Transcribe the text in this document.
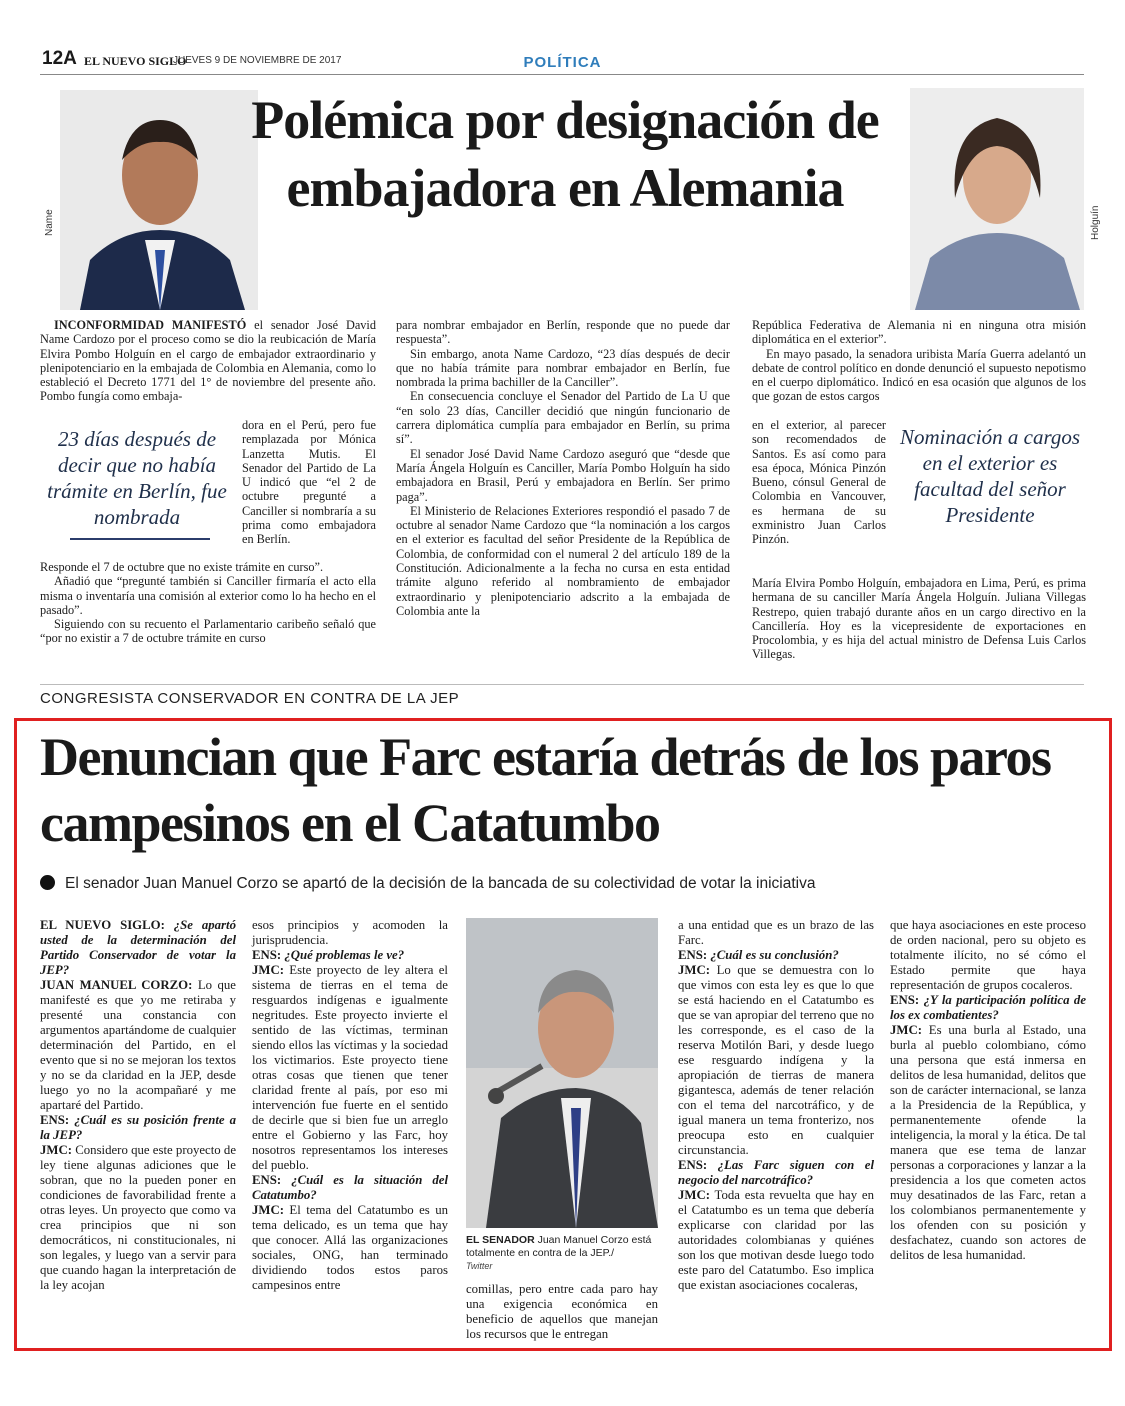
12A EL NUEVO SIGLO
JUEVES 9 DE NOVIEMBRE DE 2017	POLÍTICA
Name
Polémica por designación de embajadora en Alemania
Holguín

INCONFORMIDAD MANIFESTÓ el senador José David Name Cardozo por el proceso como se dio la reubicación de María Elvira Pombo Holguín en el cargo de embajador extraordinario y plenipotenciario en la embajada de Colombia en Alemania, como lo estableció el Decreto 1771 del 1° de noviembre del presente año. Pombo fungía como embaja-

23 días después de decir que no había trámite en Berlín, fue nombrada

dora en el Perú, pero fue remplazada por Mónica Lanzetta Mutis. El Senador del Partido de La U indicó que “el 2 de octubre pregunté a Canciller si nombraría a su prima como embajadora en Berlín.

Responde el 7 de octubre que no existe trámite en curso”.

Añadió que “pregunté también si Canciller firmaría el acto ella misma o inventaría una comisión al exterior como lo ha hecho en el pasado”.

Siguiendo con su recuento el Parlamentario caribeño señaló que “por no existir a 7 de octubre trámite en curso

para nombrar embajador en Berlín, responde que no puede dar respuesta”.

Sin embargo, anota Name Cardozo, “23 días después de decir que no había trámite para nombrar embajador en Berlín, fue nombrada la prima bachiller de la Canciller”.

En consecuencia concluye el Senador del Partido de La U que “en solo 23 días, Canciller decidió que ningún funcionario de carrera diplomática cumplía para embajador en Berlín, su prima sí”.

El senador José David Name Cardozo aseguró que “desde que María Ángela Holguín es Canciller, María Pombo Holguín ha sido embajadora en Brasil, Perú y embajadora en Berlín. Ser primo paga”.

El Ministerio de Relaciones Exteriores respondió el pasado 7 de octubre al senador Name Cardozo que “la nominación a los cargos en el exterior es facultad del señor Presidente de la República de Colombia, de conformidad con el numeral 2 del artículo 189 de la Constitución. Adicionalmente a la fecha no cursa en esta entidad trámite alguno referido al nombramiento de embajador extraordinario y plenipotenciario adscrito a la embajada de Colombia ante la

República Federativa de Alemania ni en ninguna otra misión diplomática en el exterior”.

En mayo pasado, la senadora uribista María Guerra adelantó un debate de control político en donde denunció el supuesto nepotismo en el cuerpo diplomático. Indicó en esa ocasión que algunos de los que gozan de estos cargos

en el exterior, al parecer son recomendados de Santos. Es así como para esa época, Mónica Pinzón Bueno, cónsul General de Colombia en Vancouver, es hermana de su exministro Juan Carlos Pinzón.

Nominación a cargos en el exterior es facultad del señor Presidente

María Elvira Pombo Holguín, embajadora en Lima, Perú, es prima hermana de su canciller María Ángela Holguín. Juliana Villegas Restrepo, quien trabajó durante años en un cargo directivo en la Cancillería. Hoy es la vicepresidente de exportaciones en Procolombia, y es hija del actual ministro de Defensa Luis Carlos Villegas.

CONGRESISTA CONSERVADOR EN CONTRA DE LA JEP
Denuncian que Farc estaría detrás de los paros campesinos en el Catatumbo
El senador Juan Manuel Corzo se apartó de la decisión de la bancada de su colectividad de votar la iniciativa

EL NUEVO SIGLO: ¿Se apartó usted de la determinación del Partido Conservador de votar la JEP?

JUAN MANUEL CORZO: Lo que manifesté es que yo me retiraba y presenté una constancia con argumentos apartándome de cualquier determinación del Partido, en el evento que si no se mejoran los textos y no se da claridad en la JEP, desde luego yo no la acompañaré y me apartaré del Partido.

ENS: ¿Cuál es su posición frente a la JEP?

JMC: Considero que este proyecto de ley tiene algunas adiciones que le sobran, que no la pueden poner en condiciones de favorabilidad frente a otras leyes. Un proyecto que como va crea principios que ni son democráticos, ni constitucionales, ni son legales, y luego van a servir para que cuando hagan la interpretación de la ley acojan

esos principios y acomoden la jurisprudencia.

ENS: ¿Qué problemas le ve?

JMC: Este proyecto de ley altera el sistema de tierras en el tema de resguardos indígenas e igualmente negritudes. Este proyecto invierte el sentido de las víctimas, terminan siendo ellos las víctimas y la sociedad los victimarios. Este proyecto tiene otras cosas que tienen que tener claridad frente al país, por eso mi intervención fue fuerte en el sentido de decirle que si bien fue un arreglo entre el Gobierno y las Farc, hoy nosotros representamos los intereses del pueblo.

ENS: ¿Cuál es la situación del Catatumbo?

JMC: El tema del Catatumbo es un tema delicado, es un tema que hay que conocer. Allá las organizaciones sociales, ONG, han terminado dividiendo todos estos paros campesinos entre

EL SENADOR Juan Manuel Corzo está totalmente en contra de la JEP./
Twitter

comillas, pero entre cada paro hay una exigencia económica en beneficio de aquellos que manejan los recursos que le entregan

a una entidad que es un brazo de las Farc.

ENS: ¿Cuál es su conclusión?

JMC: Lo que se demuestra con lo que vimos con esta ley es que lo que se está haciendo en el Catatumbo es que se van apropiar del terreno que no les corresponde, es el caso de la reserva Motilón Bari, y desde luego ese resguardo indígena y la apropiación de tierras de manera gigantesca, además de tener relación con el tema del narcotráfico, y de igual manera un tema fronterizo, nos preocupa esto en cualquier circunstancia.

ENS: ¿Las Farc siguen con el negocio del narcotráfico?

JMC: Toda esta revuelta que hay en el Catatumbo es un tema que debería explicarse con claridad por las autoridades colombianas y quiénes son los que motivan desde luego todo este paro del Catatumbo. Eso implica que existan asociaciones cocaleras,

que haya asociaciones en este proceso de orden nacional, pero su objeto es totalmente ilícito, no sé cómo el Estado permite que haya representación de grupos cocaleros.

ENS: ¿Y la participación política de los ex combatientes?

JMC: Es una burla al Estado, una burla al pueblo colombiano, cómo una persona que está inmersa en delitos de lesa humanidad, delitos que son de carácter internacional, se lanza a la Presidencia de la República, y permanentemente ofende la inteligencia, la moral y la ética. De tal manera que ese tema de lanzar personas a corporaciones y lanzar a la presidencia a los que cometen actos muy desatinados de las Farc, retan a los colombianos permanentemente y los ofenden con su posición y desfachatez, cuando son actores de delitos de lesa humanidad.
